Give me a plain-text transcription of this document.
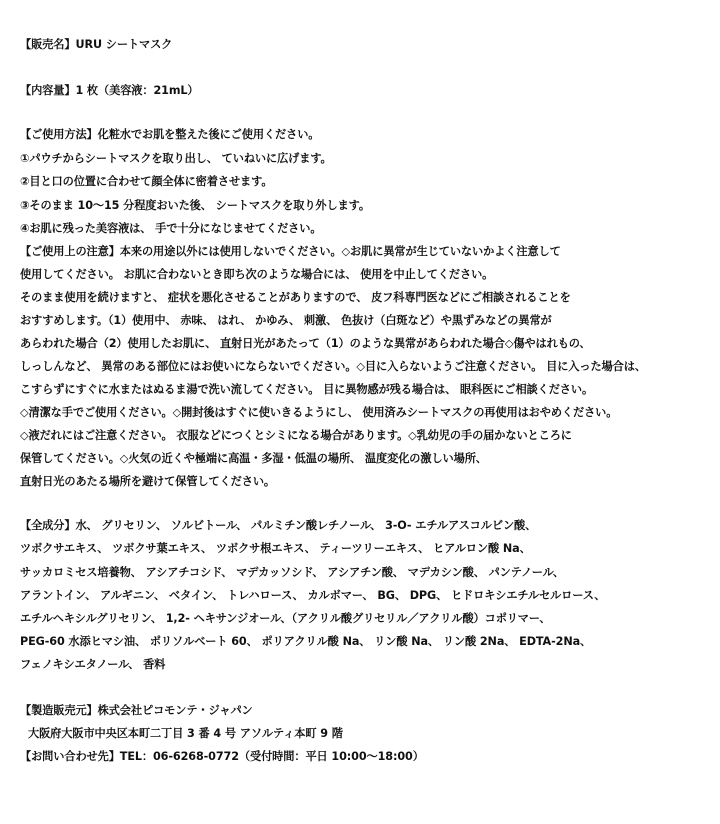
【販売名】URU シートマスク
【内容量】1 枚（美容液：21mL）
【ご使用方法】化粧水でお肌を整えた後にご使用ください。
①パウチからシートマスクを取り出し、 ていねいに広げます。
②目と口の位置に合わせて顔全体に密着させます。
③そのまま 10～15 分程度おいた後、 シートマスクを取り外します。
④お肌に残った美容液は、 手で十分になじませてください。
【ご使用上の注意】本来の用途以外には使用しないでください。◇お肌に異常が生じていないかよく注意して
使用してください。 お肌に合わないとき即ち次のような場合には、 使用を中止してください。
そのまま使用を続けますと、 症状を悪化させることがありますので、 皮フ科専門医などにご相談されることを
おすすめします。（1）使用中、 赤味、 はれ、 かゆみ、 刺激、 色抜け（白斑など）や黒ずみなどの異常が
あらわれた場合（2）使用したお肌に、 直射日光があたって（1）のような異常があらわれた場合◇傷やはれもの、
しっしんなど、 異常のある部位にはお使いにならないでください。◇目に入らないようご注意ください。 目に入った場合は、
こすらずにすぐに水またはぬるま湯で洗い流してください。 目に異物感が残る場合は、 眼科医にご相談ください。
◇清潔な手でご使用ください。◇開封後はすぐに使いきるようにし、 使用済みシートマスクの再使用はおやめください。
◇液だれにはご注意ください。 衣服などにつくとシミになる場合があります。◇乳幼児の手の届かないところに
保管してください。◇火気の近くや極端に高温・多湿・低温の場所、 温度変化の激しい場所、
直射日光のあたる場所を避けて保管してください。
【全成分】水、 グリセリン、 ソルビトール、 パルミチン酸レチノール、 3-O- エチルアスコルビン酸、
ツボクサエキス、 ツボクサ葉エキス、 ツボクサ根エキス、 ティーツリーエキス、 ヒアルロン酸 Na、
サッカロミセス培養物、 アシアチコシド、 マデカッソシド、 アシアチン酸、 マデカシン酸、 パンテノール、
アラントイン、 アルギニン、 ベタイン、 トレハロース、 カルボマー、 BG、 DPG、 ヒドロキシエチルセルロース、
エチルヘキシルグリセリン、 1,2- ヘキサンジオール、（アクリル酸グリセリル／アクリル酸）コポリマー、
PEG-60 水添ヒマシ油、 ポリソルベート 60、 ポリアクリル酸 Na、 リン酸 Na、 リン酸 2Na、 EDTA-2Na、
フェノキシエタノール、 香料
【製造販売元】株式会社ピコモンテ・ジャパン
大阪府大阪市中央区本町二丁目 3 番 4 号 アソルティ本町 9 階
【お問い合わせ先】TEL：06-6268-0772（受付時間：平日 10:00～18:00）
